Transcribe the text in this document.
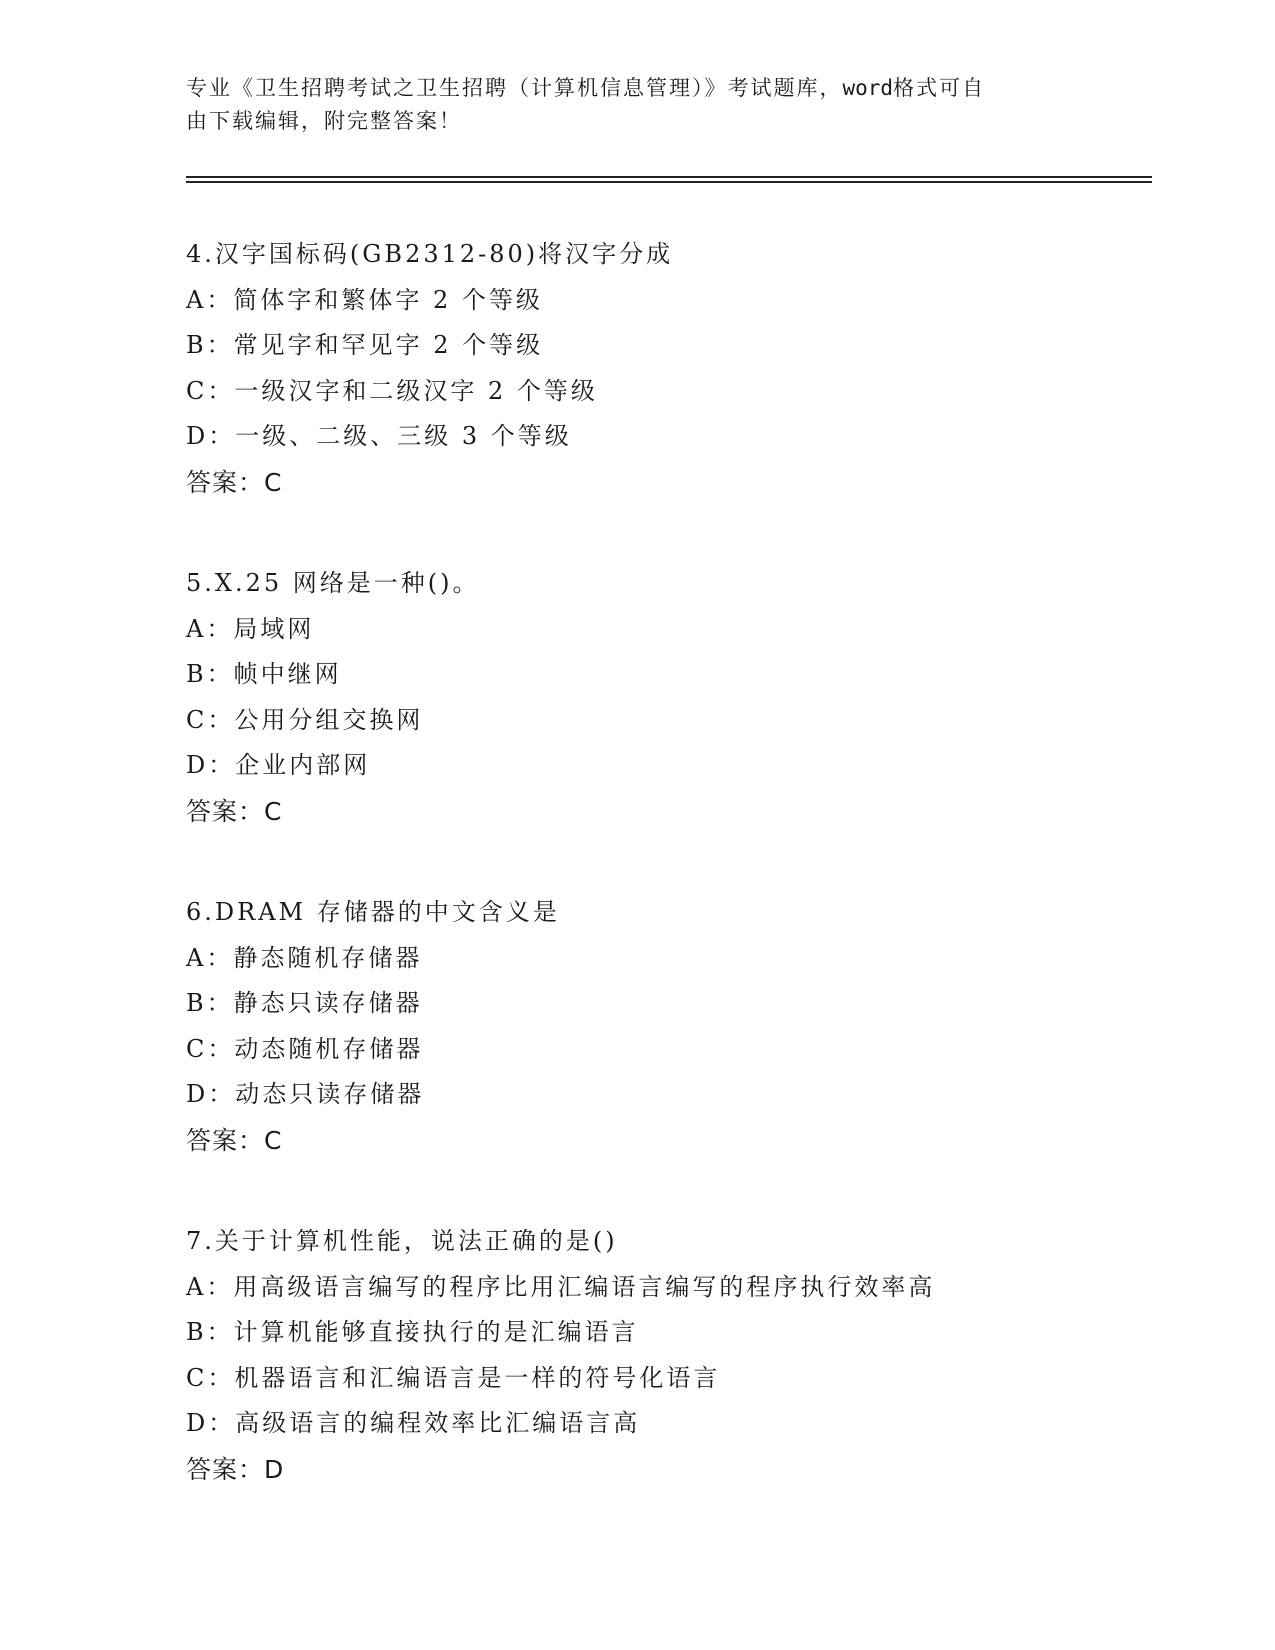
专业《卫生招聘考试之卫生招聘（计算机信息管理）》考试题库，word格式可自
由下载编辑，附完整答案！
4.汉字国标码(GB2312-80)将汉字分成
A：简体字和繁体字 2 个等级
B：常见字和罕见字 2 个等级
C：一级汉字和二级汉字 2 个等级
D：一级、二级、三级 3 个等级
答案：C
5.X.25 网络是一种()。
A：局域网
B：帧中继网
C：公用分组交换网
D：企业内部网
答案：C
6.DRAM 存储器的中文含义是
A：静态随机存储器
B：静态只读存储器
C：动态随机存储器
D：动态只读存储器
答案：C
7.关于计算机性能，说法正确的是()
A：用高级语言编写的程序比用汇编语言编写的程序执行效率高
B：计算机能够直接执行的是汇编语言
C：机器语言和汇编语言是一样的符号化语言
D：高级语言的编程效率比汇编语言高
答案：D
